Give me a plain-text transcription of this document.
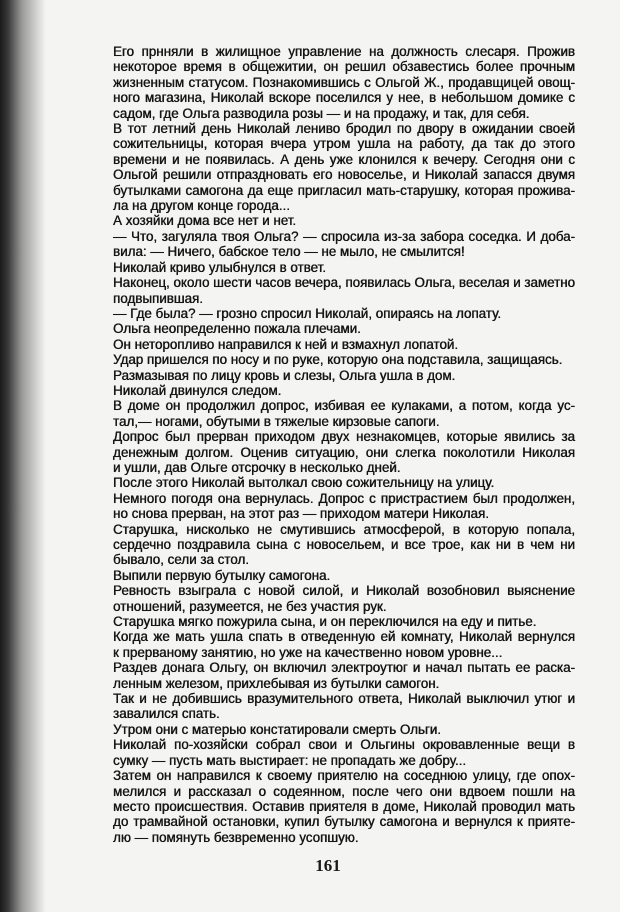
Его прнняли в жилищное управление на должность слесаря. Прожив
некоторое время в общежитии, он решил обзавестись более прочным
жизненным статусом. Познакомившись с Ольгой Ж., продавщицей овощ-
ного магазина, Николай вскоре поселился у нее, в небольшом домике с
садом, где Ольга разводила розы — и на продажу, и так, для себя.
В тот летний день Николай лениво бродил по двору в ожидании своей
сожительницы, которая вчера утром ушла на работу, да так до этого
времени и не появилась. А день уже клонился к вечеру. Сегодня они с
Ольгой решили отпраздновать его новоселье, и Николай запасся двумя
бутылками самогона да еще пригласил мать-старушку, которая прожива-
ла на другом конце города...
А хозяйки дома все нет и нет.
— Что, загуляла твоя Ольга? — спросила из-за забора соседка. И доба-
вила: — Ничего, бабское тело — не мыло, не смылится!
Николай криво улыбнулся в ответ.
Наконец, около шести часов вечера, появилась Ольга, веселая и заметно
подвыпившая.
— Где была? — грозно спросил Николай, опираясь на лопату.
Ольга неопределенно пожала плечами.
Он неторопливо направился к ней и взмахнул лопатой.
Удар пришелся по носу и по руке, которую она подставила, защищаясь.
Размазывая по лицу кровь и слезы, Ольга ушла в дом.
Николай двинулся следом.
В доме он продолжил допрос, избивая ее кулаками, а потом, когда ус-
тал,— ногами, обутыми в тяжелые кирзовые сапоги.
Допрос был прерван приходом двух незнакомцев, которые явились за
денежным долгом. Оценив ситуацию, они слегка поколотили Николая
и ушли, дав Ольге отсрочку в несколько дней.
После этого Николай вытолкал свою сожительницу на улицу.
Немного погодя она вернулась. Допрос с пристрастием был продолжен,
но снова прерван, на этот раз — приходом матери Николая.
Старушка, нисколько не смутившись атмосферой, в которую попала,
сердечно поздравила сына с новосельем, и все трое, как ни в чем ни
бывало, сели за стол.
Выпили первую бутылку самогона.
Ревность взыграла с новой силой, и Николай возобновил выяснение
отношений, разумеется, не без участия рук.
Старушка мягко пожурила сына, и он переключился на еду и питье.
Когда же мать ушла спать в отведенную ей комнату, Николай вернулся
к прерваному занятию, но уже на качественно новом уровне...
Раздев донага Ольгу, он включил электроутюг и начал пытать ее раска-
ленным железом, прихлебывая из бутылки самогон.
Так и не добившись вразумительного ответа, Николай выключил утюг и
завалился спать.
Утром они с матерью констатировали смерть Ольги.
Николай по-хозяйски собрал свои и Ольгины окровавленные вещи в
сумку — пусть мать выстирает: не пропадать же добру...
Затем он направился к своему приятелю на соседнюю улицу, где опох-
мелился и рассказал о содеянном, после чего они вдвоем пошли на
место происшествия. Оставив приятеля в доме, Николай проводил мать
до трамвайной остановки, купил бутылку самогона и вернулся к прияте-
лю — помянуть безвременно усопшую.
161
